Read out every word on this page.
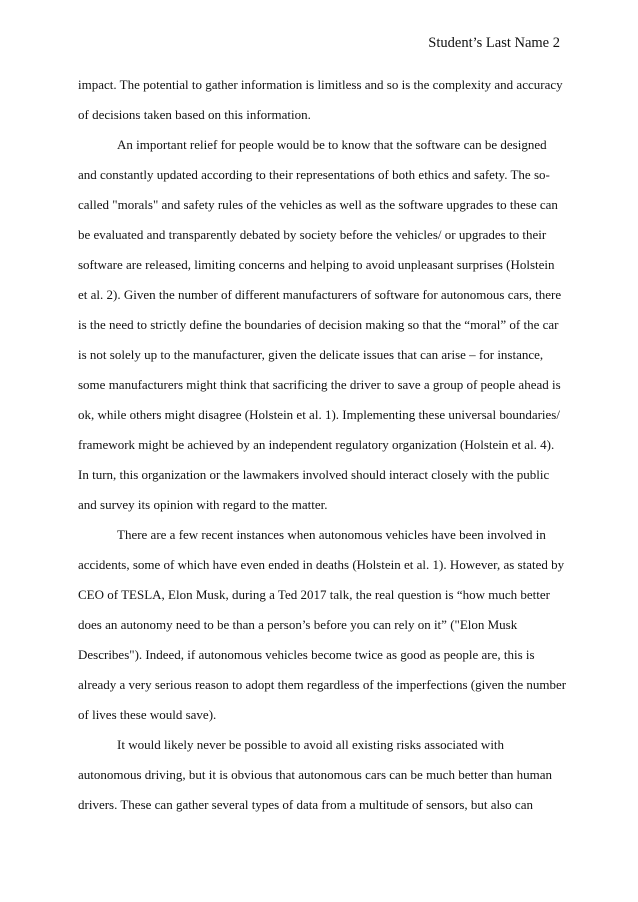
Student’s Last Name 2
impact. The potential to gather information is limitless and so is the complexity and accuracy
of decisions taken based on this information.
An important relief for people would be to know that the software can be designed
and constantly updated according to their representations of both ethics and safety. The so-
called "morals" and safety rules of the vehicles as well as the software upgrades to these can
be evaluated and transparently debated by society before the vehicles/ or upgrades to their
software are released, limiting concerns and helping to avoid unpleasant surprises (Holstein
et al. 2). Given the number of different manufacturers of software for autonomous cars, there
is the need to strictly define the boundaries of decision making so that the “moral” of the car
is not solely up to the manufacturer, given the delicate issues that can arise – for instance,
some manufacturers might think that sacrificing the driver to save a group of people ahead is
ok, while others might disagree (Holstein et al. 1). Implementing these universal boundaries/
framework might be achieved by an independent regulatory organization (Holstein et al. 4).
In turn, this organization or the lawmakers involved should interact closely with the public
and survey its opinion with regard to the matter.
There are a few recent instances when autonomous vehicles have been involved in
accidents, some of which have even ended in deaths (Holstein et al. 1). However, as stated by
CEO of TESLA, Elon Musk, during a Ted 2017 talk, the real question is “how much better
does an autonomy need to be than a person’s before you can rely on it” ("Elon Musk
Describes"). Indeed, if autonomous vehicles become twice as good as people are, this is
already a very serious reason to adopt them regardless of the imperfections (given the number
of lives these would save).
It would likely never be possible to avoid all existing risks associated with
autonomous driving, but it is obvious that autonomous cars can be much better than human
drivers. These can gather several types of data from a multitude of sensors, but also can
